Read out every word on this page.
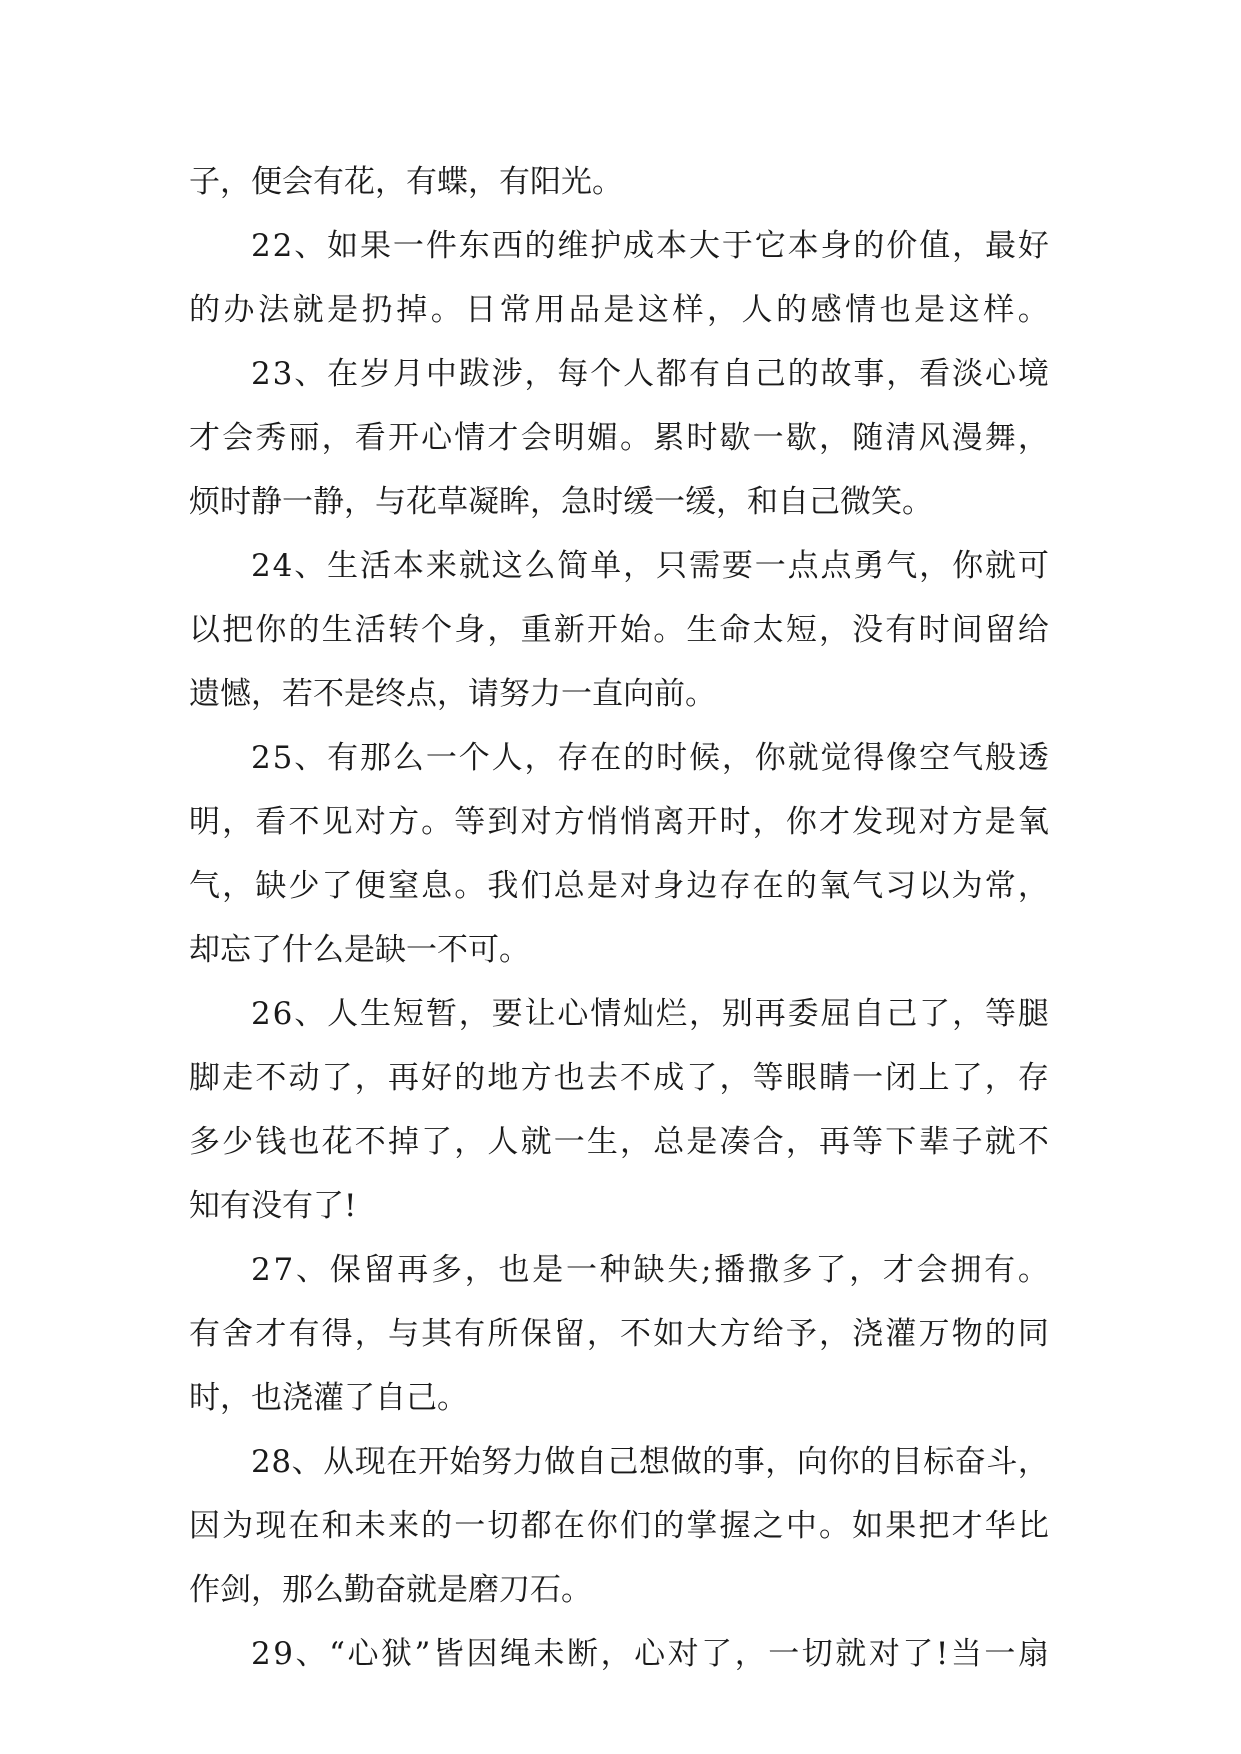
子，便会有花，有蝶，有阳光。
2 2 、 如 果 一 件 东 西 的 维 护 成 本 大 于 它 本 身 的 价 值 ， 最 好
的 办 法 就 是 扔 掉 。 日 常 用 品 是 这 样 ， 人 的 感 情 也 是 这 样 。
2 3 、 在 岁 月 中 跋 涉 ， 每 个 人 都 有 自 己 的 故 事 ， 看 淡 心 境
才 会 秀 丽 ， 看 开 心 情 才 会 明 媚 。 累 时 歇 一 歇 ， 随 清 风 漫 舞 ，
烦时静一静，与花草凝眸，急时缓一缓，和自己微笑。
2 4 、 生 活 本 来 就 这 么 简 单 ， 只 需 要 一 点 点 勇 气 ， 你 就 可
以 把 你 的 生 活 转 个 身 ， 重 新 开 始 。 生 命 太 短 ， 没 有 时 间 留 给
遗憾，若不是终点，请努力一直向前。
2 5 、 有 那 么 一 个 人 ， 存 在 的 时 候 ， 你 就 觉 得 像 空 气 般 透
明 ， 看 不 见 对 方 。 等 到 对 方 悄 悄 离 开 时 ， 你 才 发 现 对 方 是 氧
气 ， 缺 少 了 便 窒 息 。 我 们 总 是 对 身 边 存 在 的 氧 气 习 以 为 常 ，
却忘了什么是缺一不可。
2 6 、 人 生 短 暂 ， 要 让 心 情 灿 烂 ， 别 再 委 屈 自 己 了 ， 等 腿
脚 走 不 动 了 ， 再 好 的 地 方 也 去 不 成 了 ， 等 眼 睛 一 闭 上 了 ， 存
多 少 钱 也 花 不 掉 了 ， 人 就 一 生 ， 总 是 凑 合 ， 再 等 下 辈 子 就 不
知有没有了!
2 7 、 保 留 再 多 ， 也 是 一 种 缺 失 ; 播 撒 多 了 ， 才 会 拥 有 。
有 舍 才 有 得 ， 与 其 有 所 保 留 ， 不 如 大 方 给 予 ， 浇 灌 万 物 的 同
时，也浇灌了自己。
2 8 、 从 现 在 开 始 努 力 做 自 己 想 做 的 事 ， 向 你 的 目 标 奋 斗 ，
因 为 现 在 和 未 来 的 一 切 都 在 你 们 的 掌 握 之 中 。 如 果 把 才 华 比
作剑，那么勤奋就是磨刀石。
2 9 、 “ 心 狱 ” 皆 因 绳 未 断 ， 心 对 了 ， 一 切 就 对 了 ! 当 一 扇
